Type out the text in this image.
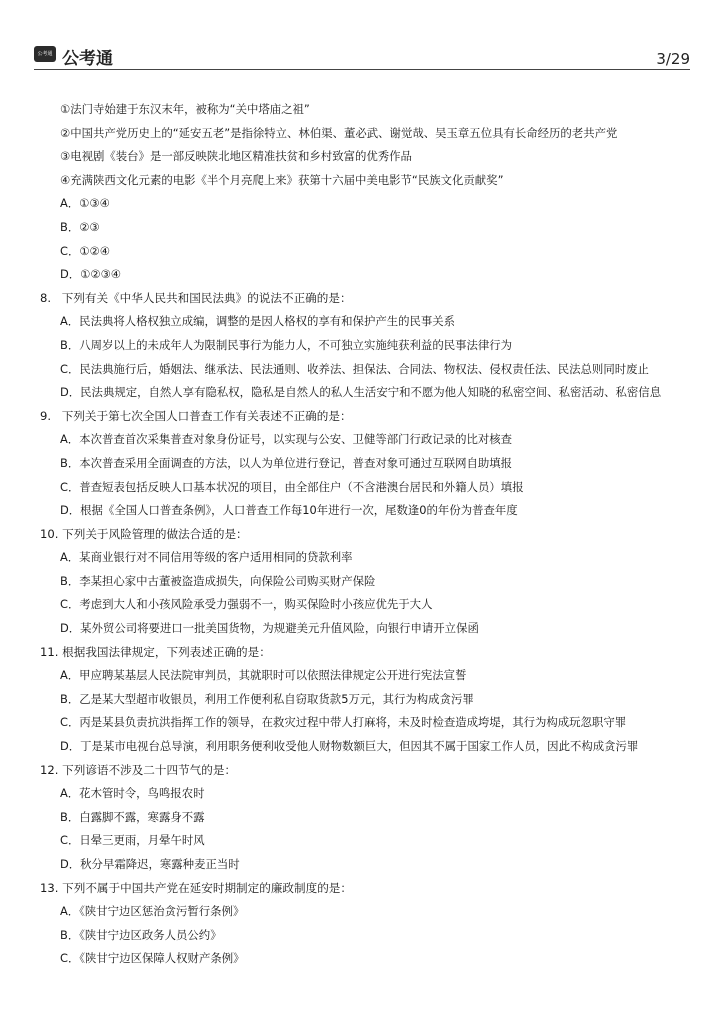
公考通 公考通	3/29
①法门寺始建于东汉末年，被称为“关中塔庙之祖”
②中国共产党历史上的“延安五老”是指徐特立、林伯渠、董必武、谢觉哉、吴玉章五位具有长命经历的老共产党
③电视剧《装台》是一部反映陕北地区精准扶贫和乡村致富的优秀作品
④充满陕西文化元素的电影《半个月亮爬上来》获第十六届中美电影节“民族文化贡献奖”
A．①③④
B．②③
C．①②④
D．①②③④
8. 下列有关《中华人民共和国民法典》的说法不正确的是：
A．民法典将人格权独立成编，调整的是因人格权的享有和保护产生的民事关系
B．八周岁以上的未成年人为限制民事行为能力人，不可独立实施纯获利益的民事法律行为
C．民法典施行后，婚姻法、继承法、民法通则、收养法、担保法、合同法、物权法、侵权责任法、民法总则同时废止
D．民法典规定，自然人享有隐私权，隐私是自然人的私人生活安宁和不愿为他人知晓的私密空间、私密活动、私密信息
9. 下列关于第七次全国人口普查工作有关表述不正确的是：
A．本次普查首次采集普查对象身份证号，以实现与公安、卫健等部门行政记录的比对核查
B．本次普查采用全面调查的方法，以人为单位进行登记，普查对象可通过互联网自助填报
C．普查短表包括反映人口基本状况的项目，由全部住户（不含港澳台居民和外籍人员）填报
D．根据《全国人口普查条例》，人口普查工作每10年进行一次，尾数逢0的年份为普查年度
10. 下列关于风险管理的做法合适的是：
A．某商业银行对不同信用等级的客户适用相同的贷款利率
B．李某担心家中古董被盗造成损失，向保险公司购买财产保险
C．考虑到大人和小孩风险承受力强弱不一，购买保险时小孩应优先于大人
D．某外贸公司将要进口一批美国货物，为规避美元升值风险，向银行申请开立保函
11. 根据我国法律规定，下列表述正确的是：
A．甲应聘某基层人民法院审判员，其就职时可以依照法律规定公开进行宪法宣誓
B．乙是某大型超市收银员，利用工作便利私自窃取货款5万元，其行为构成贪污罪
C．丙是某县负责抗洪指挥工作的领导，在救灾过程中带人打麻将，未及时检查造成垮堤，其行为构成玩忽职守罪
D．丁是某市电视台总导演，利用职务便利收受他人财物数额巨大，但因其不属于国家工作人员，因此不构成贪污罪
12. 下列谚语不涉及二十四节气的是：
A．花木管时令，鸟鸣报农时
B．白露脚不露，寒露身不露
C．日晕三更雨，月晕午时风
D．秋分早霜降迟，寒露种麦正当时
13. 下列不属于中国共产党在延安时期制定的廉政制度的是：
A．《陕甘宁边区惩治贪污暂行条例》
B．《陕甘宁边区政务人员公约》
C．《陕甘宁边区保障人权财产条例》
